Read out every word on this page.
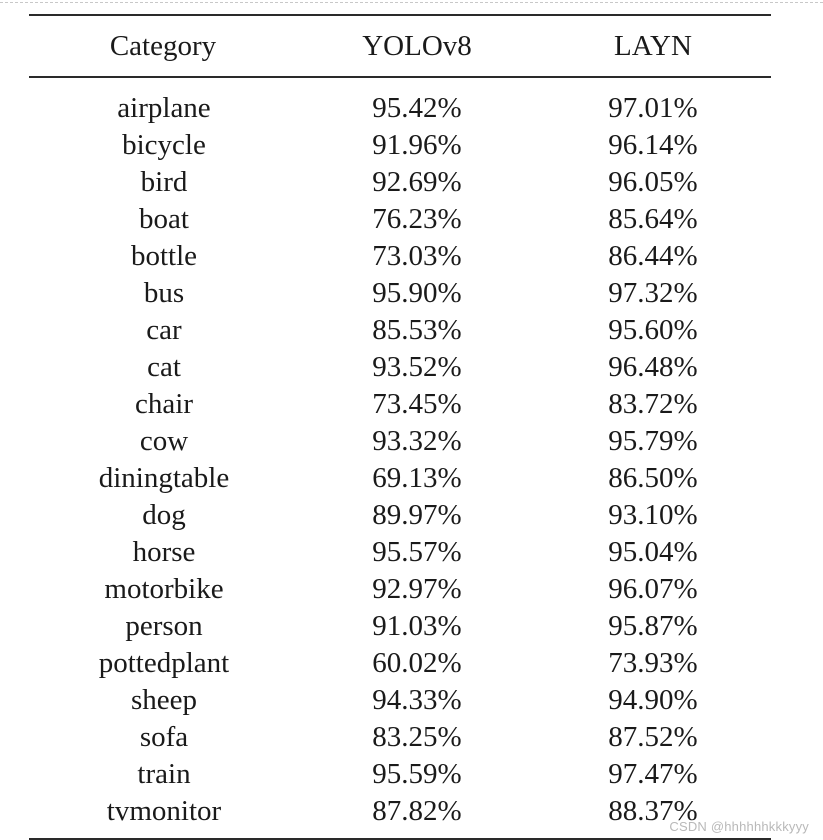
Category	YOLOv8	LAYN
airplane	95.42%	97.01%
bicycle	91.96%	96.14%
bird	92.69%	96.05%
boat	76.23%	85.64%
bottle	73.03%	86.44%
bus	95.90%	97.32%
car	85.53%	95.60%
cat	93.52%	96.48%
chair	73.45%	83.72%
cow	93.32%	95.79%
diningtable	69.13%	86.50%
dog	89.97%	93.10%
horse	95.57%	95.04%
motorbike	92.97%	96.07%
person	91.03%	95.87%
pottedplant	60.02%	73.93%
sheep	94.33%	94.90%
sofa	83.25%	87.52%
train	95.59%	97.47%
tvmonitor	87.82%	88.37%
CSDN @hhhhhhkkkyyy
